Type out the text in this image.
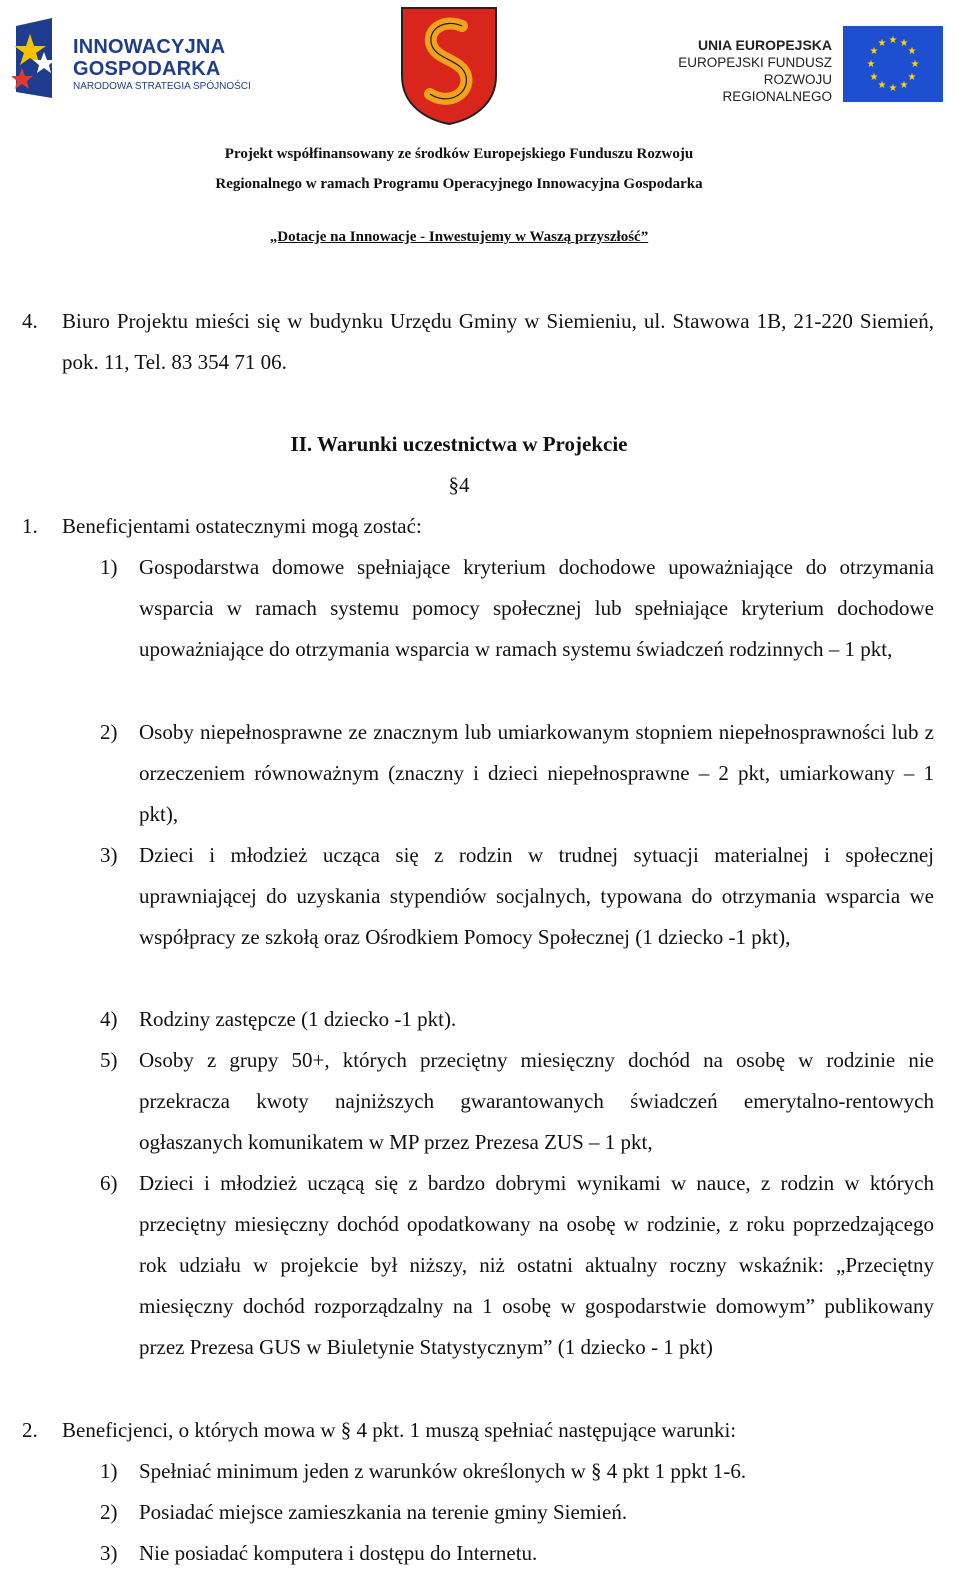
INNOWACYJNA
GOSPODARKA
NARODOWA STRATEGIA SPÓJNOŚCI
UNIA EUROPEJSKA
EUROPEJSKI FUNDUSZ
ROZWOJU REGIONALNEGO
★ ★
★
★
★
★
★
★
★
★
★
★
Projekt współfinansowany ze środków Europejskiego Funduszu Rozwoju
Regionalnego w ramach Programu Operacyjnego Innowacyjna Gospodarka
„Dotacje na Innowacje - Inwestujemy w Waszą przyszłość”
4. Biuro Projektu mieści się w budynku Urzędu Gminy w Siemieniu, ul. Stawowa 1B, 21-220 Siemień, pok. 11, Tel. 83 354 71 06.
II. Warunki uczestnictwa w Projekcie
§4
1. Beneficjentami ostatecznymi mogą zostać:
1) Gospodarstwa domowe spełniające kryterium dochodowe upoważniające do otrzymania wsparcia w ramach systemu pomocy społecznej lub spełniające kryterium dochodowe upoważniające do otrzymania wsparcia w ramach systemu świadczeń rodzinnych – 1 pkt,
2) Osoby niepełnosprawne ze znacznym lub umiarkowanym stopniem niepełnosprawności lub z orzeczeniem równoważnym (znaczny i dzieci niepełnosprawne – 2 pkt, umiarkowany – 1 pkt),
3) Dzieci i młodzież ucząca się z rodzin w trudnej sytuacji materialnej i społecznej uprawniającej do uzyskania stypendiów socjalnych, typowana do otrzymania wsparcia we współpracy ze szkołą oraz Ośrodkiem Pomocy Społecznej (1 dziecko -1 pkt),
4) Rodziny zastępcze (1 dziecko -1 pkt).
5) Osoby z grupy 50+, których przeciętny miesięczny dochód na osobę w rodzinie nie przekracza kwoty najniższych gwarantowanych świadczeń emerytalno-rentowych ogłaszanych komunikatem w MP przez Prezesa ZUS – 1 pkt,
6) Dzieci i młodzież uczącą się z bardzo dobrymi wynikami w nauce, z rodzin w których przeciętny miesięczny dochód opodatkowany na osobę w rodzinie, z roku poprzedzającego rok udziału w projekcie był niższy, niż ostatni aktualny roczny wskaźnik: „Przeciętny miesięczny dochód rozporządzalny na 1 osobę w gospodarstwie domowym” publikowany przez Prezesa GUS w Biuletynie Statystycznym” (1 dziecko - 1 pkt)
2. Beneficjenci, o których mowa w § 4 pkt. 1 muszą spełniać następujące warunki:
1) Spełniać minimum jeden z warunków określonych w § 4 pkt 1 ppkt 1-6.
2) Posiadać miejsce zamieszkania na terenie gminy Siemień.
3) Nie posiadać komputera i dostępu do Internetu.
